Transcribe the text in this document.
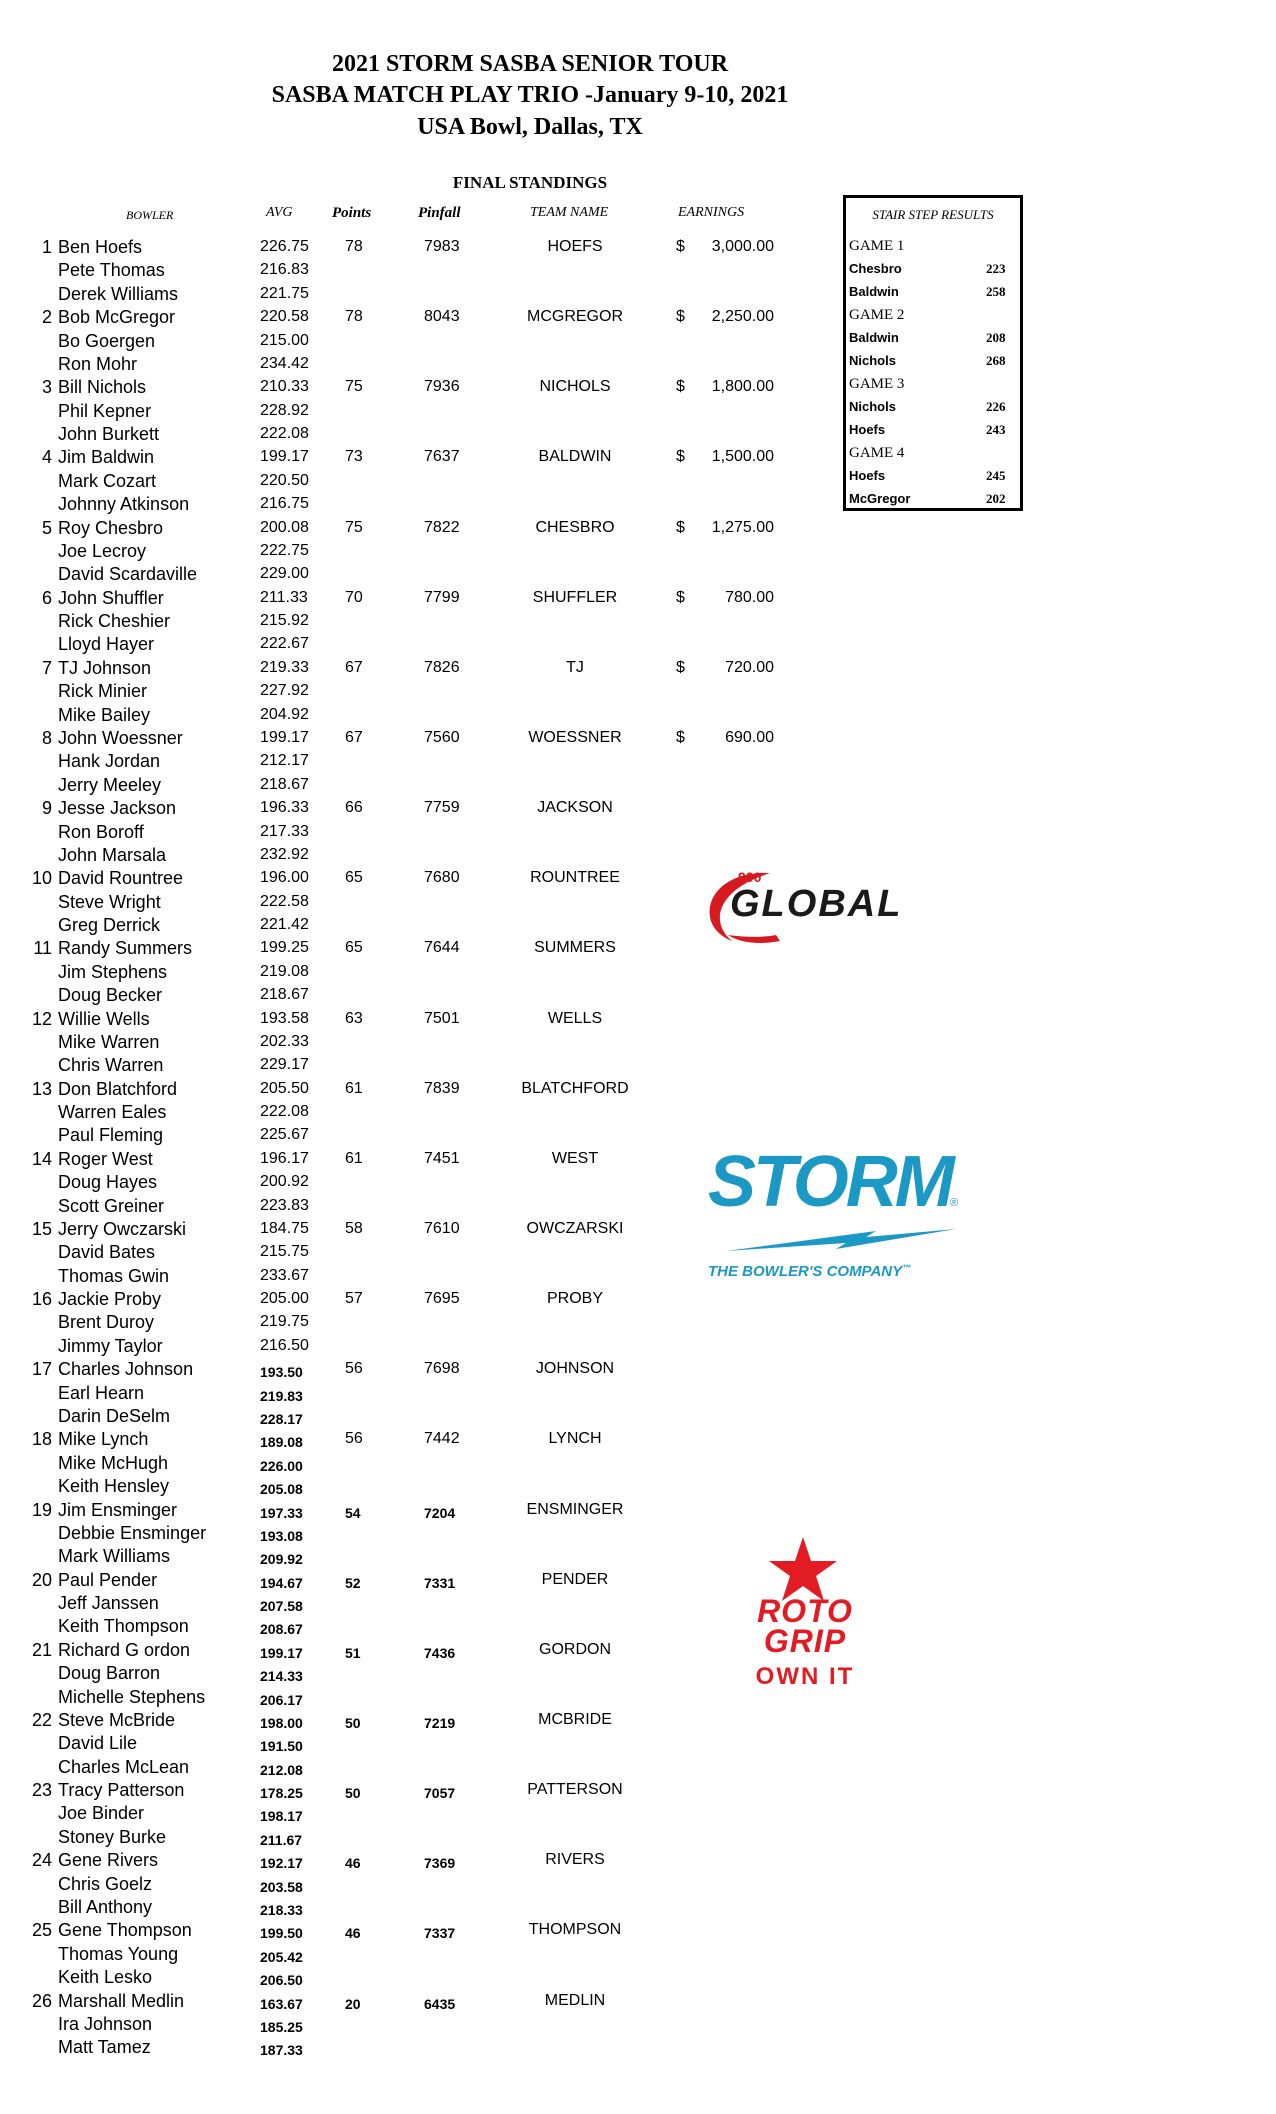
2021 STORM SASBA SENIOR TOUR
SASBA MATCH PLAY TRIO -January 9-10, 2021
USA Bowl, Dallas, TX
FINAL STANDINGS
BOWLER	AVG	Points	Pinfall	TEAM NAME	EARNINGS
1 Ben Hoefs	226.75
Pete Thomas	216.83
Derek Williams	221.75
78	7983	HOEFS	$ 3,000.00
2 Bob McGregor	220.58
Bo Goergen	215.00
Ron Mohr	234.42
78	8043	MCGREGOR	$ 2,250.00
3 Bill Nichols	210.33
Phil Kepner	228.92
John Burkett	222.08
75	7936	NICHOLS	$ 1,800.00
4 Jim Baldwin	199.17
Mark Cozart	220.50
Johnny Atkinson	216.75
73	7637	BALDWIN	$ 1,500.00
5 Roy Chesbro	200.08
Joe Lecroy	222.75
David Scardaville	229.00
75	7822	CHESBRO	$ 1,275.00
6 John Shuffler	211.33
Rick Cheshier	215.92
Lloyd Hayer	222.67
70	7799	SHUFFLER	$	780.00
7 TJ Johnson	219.33
Rick Minier	227.92
Mike Bailey	204.92
67	7826	TJ	$	720.00
8 John Woessner	199.17
Hank Jordan	212.17
Jerry Meeley	218.67
67	7560	WOESSNER	$	690.00
9 Jesse Jackson	196.33
Ron Boroff	217.33
John Marsala	232.92
66	7759	JACKSON
10 David Rountree	196.00
Steve Wright	222.58
Greg Derrick	221.42
65	7680	ROUNTREE
11 Randy Summers	199.25
Jim Stephens	219.08
Doug Becker	218.67
65	7644	SUMMERS
12 Willie Wells	193.58
Mike Warren	202.33
Chris Warren	229.17
63	7501	WELLS
13 Don Blatchford	205.50
Warren Eales	222.08
Paul Fleming	225.67
61	7839	BLATCHFORD
14 Roger West	196.17
Doug Hayes	200.92
Scott Greiner	223.83
61	7451	WEST
15 Jerry Owczarski	184.75
David Bates	215.75
Thomas Gwin	233.67
58	7610	OWCZARSKI
16 Jackie Proby	205.00
Brent Duroy	219.75
Jimmy Taylor	216.50
57	7695	PROBY
17 Charles Johnson	193.50
Earl Hearn	219.83
Darin DeSelm	228.17
56	7698	JOHNSON
18 Mike Lynch	189.08
Mike McHugh	226.00
Keith Hensley	205.08
56	7442	LYNCH
19 Jim Ensminger	197.33
Debbie Ensminger	193.08
Mark Williams	209.92
54	7204	ENSMINGER
20 Paul Pender	194.67
Jeff Janssen	207.58
Keith Thompson	208.67
52	7331	PENDER
21 Richard G ordon	199.17
Doug Barron	214.33
Michelle Stephens	206.17
51	7436	GORDON
22 Steve McBride	198.00
David Lile	191.50
Charles McLean	212.08
50	7219	MCBRIDE
23 Tracy Patterson	178.25
Joe Binder	198.17
Stoney Burke	211.67
50	7057	PATTERSON
24 Gene Rivers	192.17
Chris Goelz	203.58
Bill Anthony	218.33
46	7369	RIVERS
25 Gene Thompson	199.50
Thomas Young	205.42
Keith Lesko	206.50
46	7337	THOMPSON
26 Marshall Medlin	163.67
Ira Johnson	185.25
Matt Tamez	187.33
20	6435	MEDLIN
STAIR STEP RESULTS
GAME 1
Chesbro	223
Baldwin	258
GAME 2
Baldwin	208
Nichols	268
GAME 3
Nichols	226
Hoefs	243
GAME 4
Hoefs	245
McGregor	202
900
GLOBAL
STORM
®
THE BOWLER'S COMPANY™
ROTO
GRIP
OWN IT
